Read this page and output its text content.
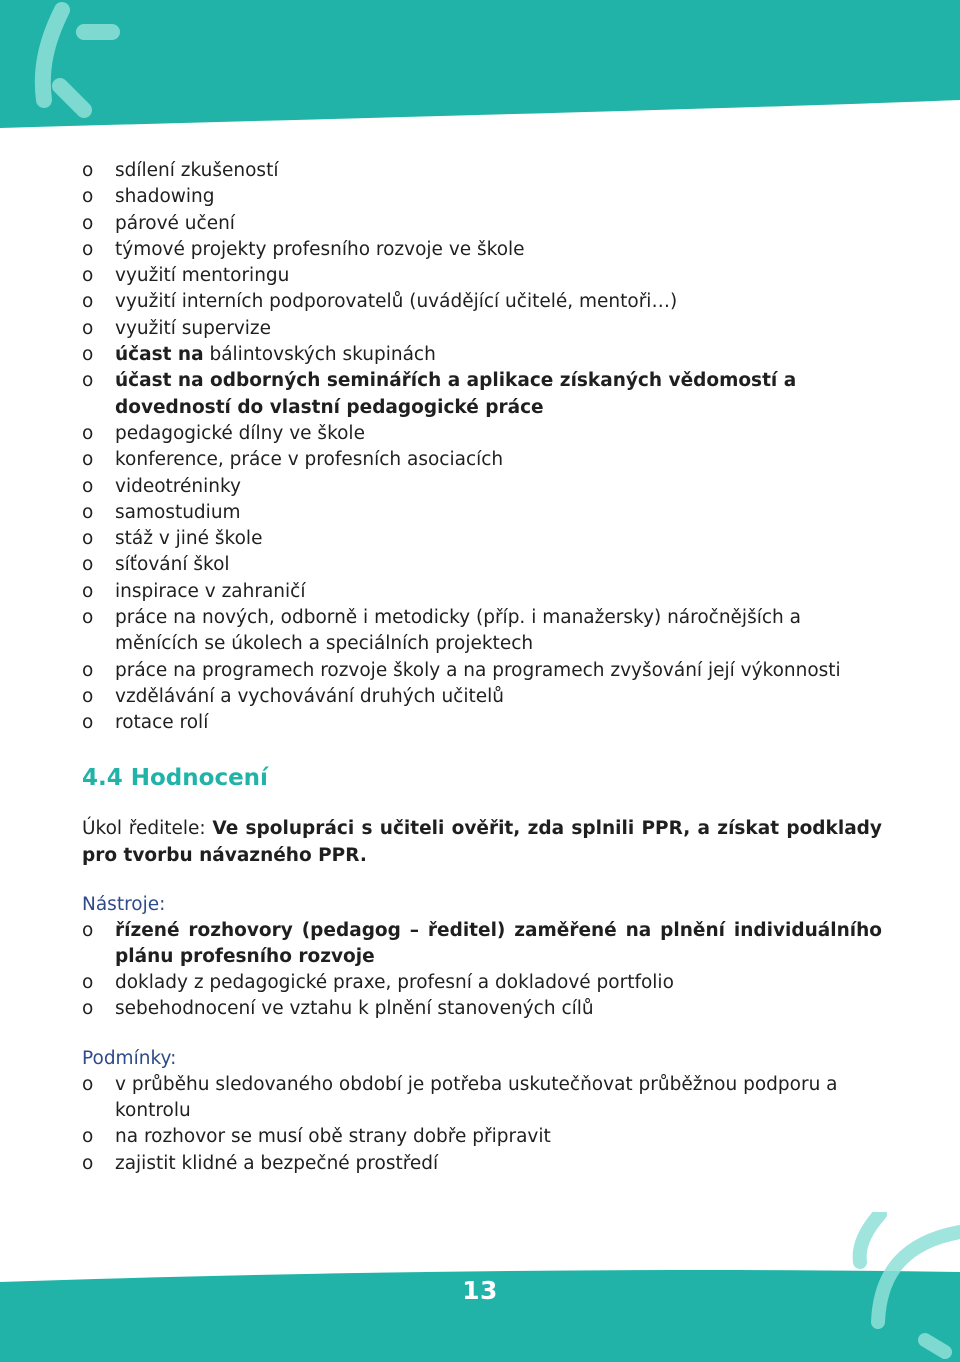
13
o sdílení zkušeností
o shadowing
o párové učení
o týmové projekty profesního rozvoje ve škole
o využití mentoringu
o využití interních podporovatelů (uvádějící učitelé, mentoři…)
o využití supervize
o účast na bálintovských skupinách
o účast na odborných seminářích a aplikace získaných vědomostí a dovedností do vlastní pedagogické práce
o pedagogické dílny ve škole
o konference, práce v profesních asociacích
o videotréninky
o samostudium
o stáž v jiné škole
o síťování škol
o inspirace v zahraničí
o práce na nových, odborně i metodicky (příp. i manažersky) náročnějších a měnících se úkolech a speciálních projektech
o práce na programech rozvoje školy a na programech zvyšování její výkonnosti
o vzdělávání a vychovávání druhých učitelů
o rotace rolí
4.4 Hodnocení
Úkol ředitele: Ve spolupráci s učiteli ověřit, zda splnili PPR, a získat podklady pro tvorbu návazného PPR.
Nástroje:
o řízené rozhovory (pedagog – ředitel) zaměřené na plnění individuálního plánu profesního rozvoje
o doklady z pedagogické praxe, profesní a dokladové portfolio
o sebehodnocení ve vztahu k plnění stanovených cílů
Podmínky:
o v průběhu sledovaného období je potřeba uskutečňovat průběžnou podporu a kontrolu
o na rozhovor se musí obě strany dobře připravit
o zajistit klidné a bezpečné prostředí
